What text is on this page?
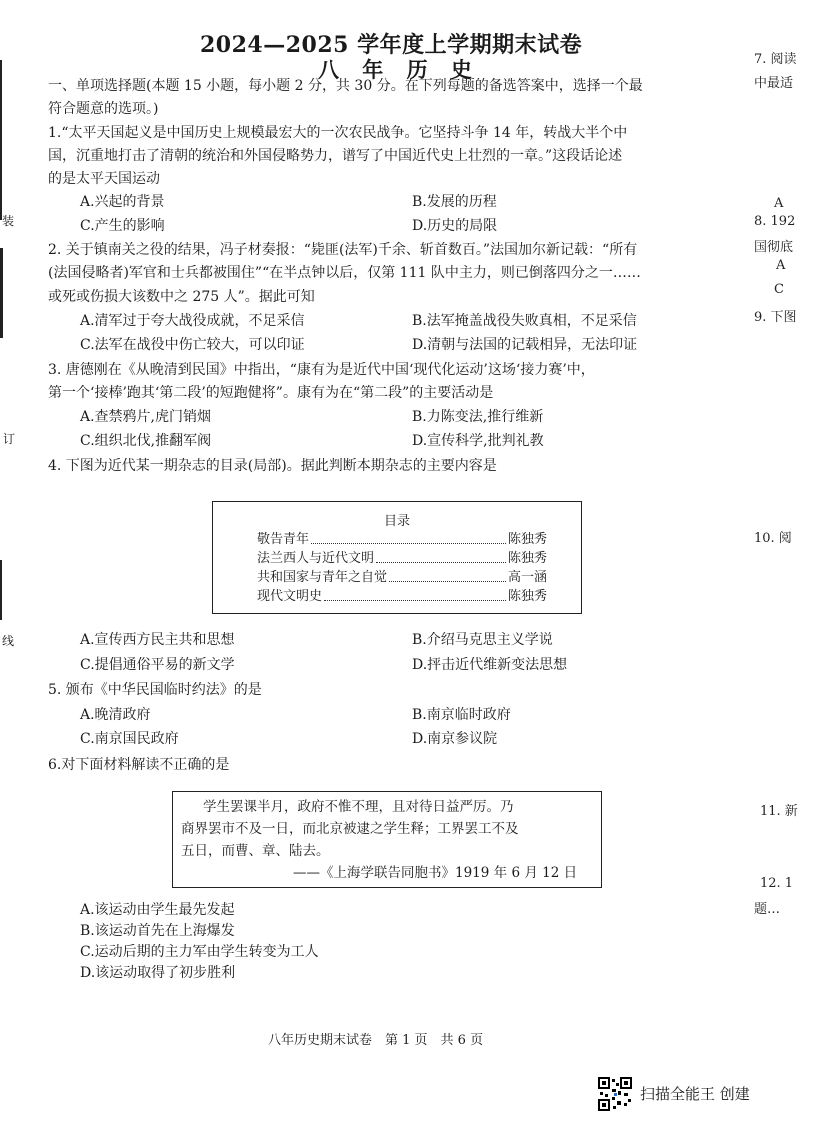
2024—2025 学年度上学期期末试卷
八 年 历 史
一、单项选择题(本题 15 小题，每小题 2 分，共 30 分。在下列每题的备选答案中，选择一个最
符合题意的选项。)
1.“太平天国起义是中国历史上规模最宏大的一次农民战争。它坚持斗争 14 年，转战大半个中
国，沉重地打击了清朝的统治和外国侵略势力，谱写了中国近代史上壮烈的一章。”这段话论述
的是太平天国运动
A.兴起的背景	B.发展的历程
C.产生的影响	D.历史的局限
2. 关于镇南关之役的结果，冯子材奏报：“毙匪(法军)千余、斩首数百。”法国加尔新记载：“所有
(法国侵略者)军官和士兵都被围住”“在半点钟以后，仅第 111 队中主力，则已倒落四分之一……
或死或伤损大该数中之 275 人”。据此可知
A.清军过于夸大战役成就，不足采信	B.法军掩盖战役失败真相，不足采信
C.法军在战役中伤亡较大，可以印证	D.清朝与法国的记载相异，无法印证
3. 唐德刚在《从晚清到民国》中指出，“康有为是近代中国‘现代化运动’这场‘接力赛’中，
第一个‘接棒’跑其‘第二段’的短跑健将”。康有为在“第二段”的主要活动是
A.查禁鸦片,虎门销烟	B.力陈变法,推行维新
C.组织北伐,推翻军阀	D.宣传科学,批判礼教
4. 下图为近代某一期杂志的目录(局部)。据此判断本期杂志的主要内容是
目录
敬告青年	陈独秀
法兰西人与近代文明	陈独秀
共和国家与青年之自觉	高一涵
现代文明史	陈独秀
A.宣传西方民主共和思想	B.介绍马克思主义学说
C.提倡通俗平易的新文学	D.抨击近代维新变法思想
5. 颁布《中华民国临时约法》的是
A.晚清政府	B.南京临时政府
C.南京国民政府	D.南京参议院
6.对下面材料解读不正确的是
学生罢课半月，政府不惟不理，且对待日益严厉。乃
商界罢市不及一日，而北京被逮之学生释；工界罢工不及
五日，而曹、章、陆去。
——《上海学联告同胞书》1919 年 6 月 12 日
A.该运动由学生最先发起
B.该运动首先在上海爆发
C.运动后期的主力军由学生转变为工人
D.该运动取得了初步胜利
八年历史期末试卷　第 1 页　共 6 页
7. 阅读
中最适
A
8. 192
国彻底
A
C
9. 下图
10. 阅
11. 新
12. 1
题…
装
订
线
扫描全能王 创建
